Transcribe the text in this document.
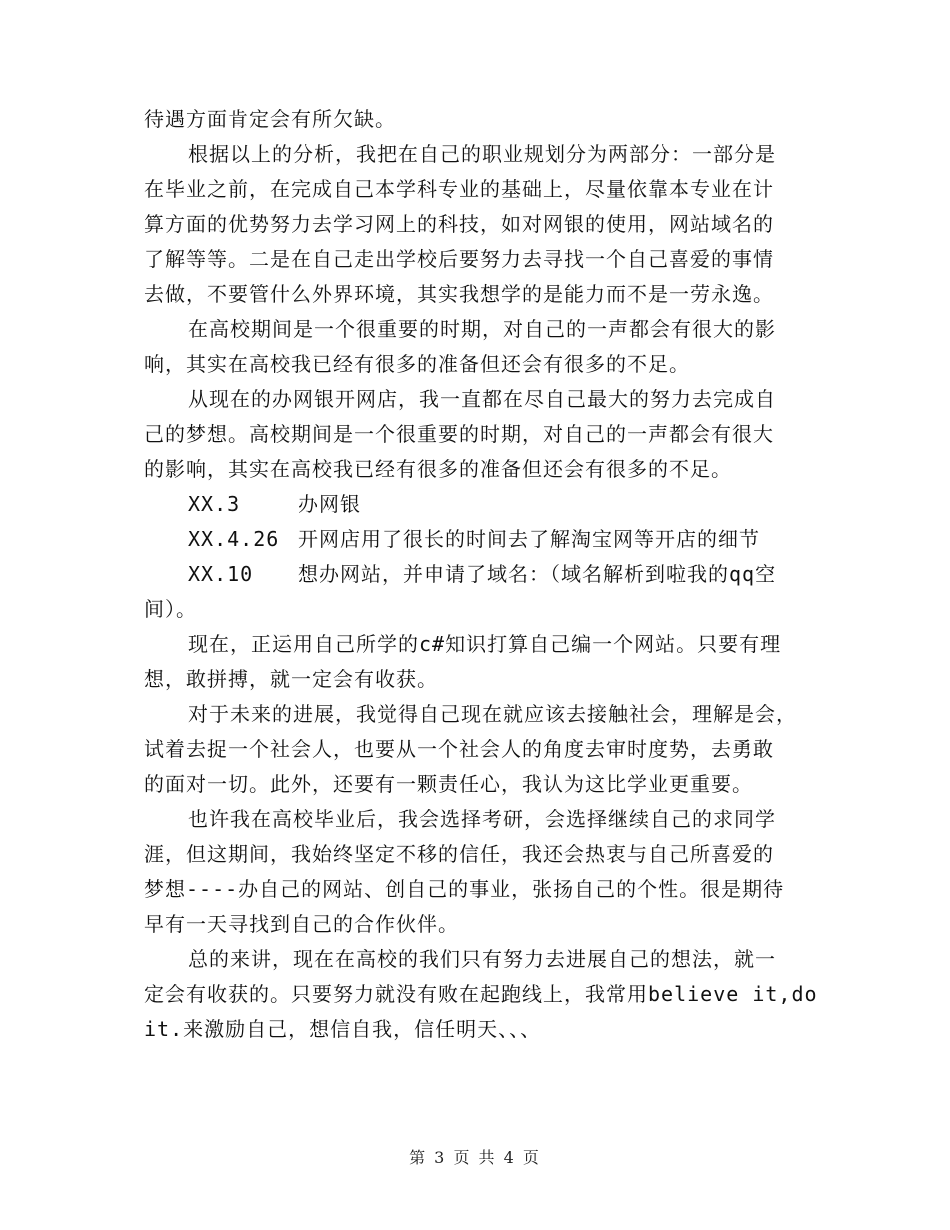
待遇方面肯定会有所欠缺。
根据以上的分析，我把在自己的职业规划分为两部分：一部分是
在毕业之前，在完成自己本学科专业的基础上，尽量依靠本专业在计
算方面的优势努力去学习网上的科技，如对网银的使用，网站域名的
了解等等。二是在自己走出学校后要努力去寻找一个自己喜爱的事情
去做，不要管什么外界环境，其实我想学的是能力而不是一劳永逸。
在高校期间是一个很重要的时期，对自己的一声都会有很大的影
响，其实在高校我已经有很多的准备但还会有很多的不足。
从现在的办网银开网店，我一直都在尽自己最大的努力去完成自
己的梦想。高校期间是一个很重要的时期，对自己的一声都会有很大
的影响，其实在高校我已经有很多的准备但还会有很多的不足。
XX.3	办网银
XX.4.26 开网店用了很长的时间去了解淘宝网等开店的细节
XX.10	想办网站，并申请了域名：（域名解析到啦我的qq空
间）。
现在，正运用自己所学的c#知识打算自己编一个网站。只要有理
想，敢拼搏，就一定会有收获。
对于未来的进展，我觉得自己现在就应该去接触社会，理解是会，
试着去捉一个社会人，也要从一个社会人的角度去审时度势，去勇敢
的面对一切。此外，还要有一颗责任心，我认为这比学业更重要。
也许我在高校毕业后，我会选择考研，会选择继续自己的求同学
涯，但这期间，我始终坚定不移的信任，我还会热衷与自己所喜爱的
梦想----办自己的网站、创自己的事业，张扬自己的个性。很是期待
早有一天寻找到自己的合作伙伴。
总的来讲，现在在高校的我们只有努力去进展自己的想法，就一
定会有收获的。只要努力就没有败在起跑线上，我常用believe it,do
it.来激励自己，想信自我，信任明天、、、
第 3 页 共 4 页
